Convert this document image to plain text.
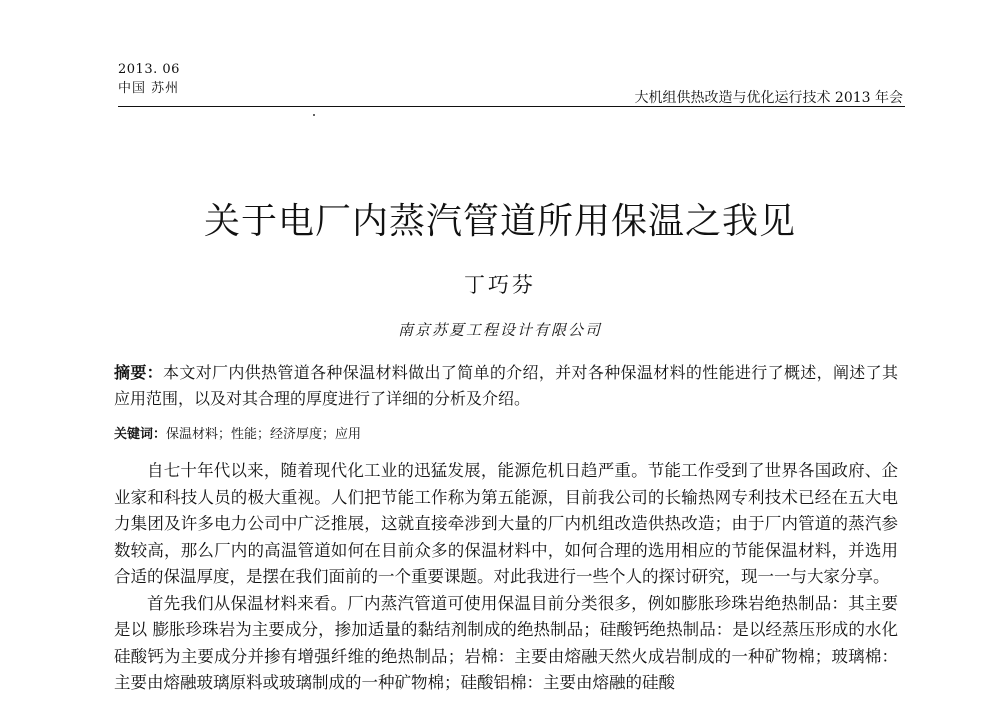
2013. 06
中国 苏州
大机组供热改造与优化运行技术 2013 年会
关于电厂内蒸汽管道所用保温之我见
丁巧芬
南京苏夏工程设计有限公司

摘要：本文对厂内供热管道各种保温材料做出了简单的介绍，并对各种保温材料的性能进行了概述，阐述了其应用范围，以及对其合理的厚度进行了详细的分析及介绍。

关键词：保温材料；性能；经济厚度；应用

自七十年代以来，随着现代化工业的迅猛发展，能源危机日趋严重。节能工作受到了世界各国政府、企业家和科技人员的极大重视。人们把节能工作称为第五能源，目前我公司的长输热网专利技术已经在五大电力集团及许多电力公司中广泛推展，这就直接牵涉到大量的厂内机组改造供热改造；由于厂内管道的蒸汽参数较高，那么厂内的高温管道如何在目前众多的保温材料中，如何合理的选用相应的节能保温材料，并选用合适的保温厚度，是摆在我们面前的一个重要课题。对此我进行一些个人的探讨研究，现一一与大家分享。

首先我们从保温材料来看。厂内蒸汽管道可使用保温目前分类很多，例如膨胀珍珠岩绝热制品：其主要是以 膨胀珍珠岩为主要成分，掺加适量的黏结剂制成的绝热制品；硅酸钙绝热制品：是以经蒸压形成的水化硅酸钙为主要成分并掺有增强纤维的绝热制品；岩棉：主要由熔融天然火成岩制成的一种矿物棉；玻璃棉：主要由熔融玻璃原料或玻璃制成的一种矿物棉；硅酸铝棉：主要由熔融的硅酸
